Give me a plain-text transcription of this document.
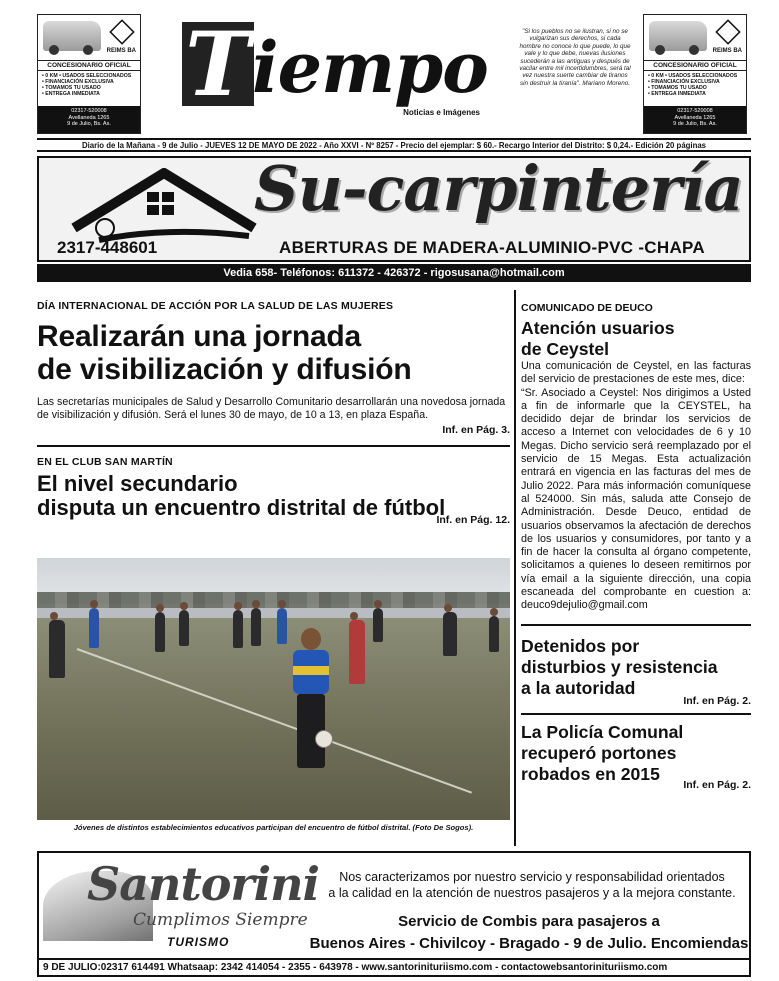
REIMS BA
CONCESIONARIO OFICIAL
• 0 KM • USADOS SELECCIONADOS
• FINANCIACIÓN EXCLUSIVA
• TOMAMOS TU USADO
• ENTREGA INMEDIATA
02317-520008
Avellaneda 1265
9 de Julio, Bs. As.
T iempo
Noticias e Imágenes
"Si los pueblos no se ilustran, si no se vulgarizan sus derechos, si cada hombre no conoce lo que puede, lo que vale y lo que debe, nuevas ilusiones sucederán a las antiguas y después de vacilar entre mil incertidumbres, será tal vez nuestra suerte cambiar de tiranos sin destruir la tiranía". Mariano Moreno.
REIMS BA
CONCESIONARIO OFICIAL
• 0 KM • USADOS SELECCIONADOS
• FINANCIACIÓN EXCLUSIVA
• TOMAMOS TU USADO
• ENTREGA INMEDIATA
02317-520008
Avellaneda 1265
9 de Julio, Bs. As.
Diario de la Mañana - 9 de Julio - JUEVES 12 DE MAYO DE 2022 - Año XXVI - Nº 8257 - Precio del ejemplar: $ 60.- Recargo Interior del Distrito: $ 0,24.- Edición 20 páginas
Su-carpintería
2317-448601	ABERTURAS DE MADERA-ALUMINIO-PVC -CHAPA
Vedia 658- Teléfonos: 611372 - 426372 - rigosusana@hotmail.com
DÍA INTERNACIONAL DE ACCIÓN POR LA SALUD DE LAS MUJERES
Realizarán una jornada
de visibilización y difusión
Las secretarías municipales de Salud y Desarrollo Comunitario desarrollarán una novedosa jornada de visibilización y difusión. Será el lunes 30 de mayo, de 10 a 13, en plaza España.
Inf. en Pág. 3.
EN EL CLUB SAN MARTÍN
El nivel secundario
disputa un encuentro distrital de fútbol
Inf. en Pág. 12.
Jóvenes de distintos establecimientos educativos participan del encuentro de fútbol distrital. (Foto De Sogos).
COMUNICADO DE DEUCO
Atención usuarios
de Ceystel
Una comunicación de Ceystel, en las facturas del servicio de prestaciones de este mes, dice:
“Sr. Asociado a Ceystel: Nos dirigimos a Usted a fin de informarle que la CEYSTEL, ha decidido dejar de brindar los servicios de acceso a Internet con velocidades de 6 y 10 Megas. Dicho servicio será reemplazado por el servicio de 15 Megas. Esta actualización entrará en vigencia en las facturas del mes de Julio 2022. Para más información comuníquese al 524000. Sin más, saluda atte Consejo de Administración. Desde Deuco, entidad de usuarios observamos la afectación de derechos de los usuarios y consumidores, por tanto y a fin de hacer la consulta al órgano competente, solicitamos a quienes lo deseen remitirnos por vía email a la siguiente dirección, una copia escaneada del comprobante en cuestion a: deuco9dejulio@gmail.com
Detenidos por
disturbios y resistencia
a la autoridad
Inf. en Pág. 2.
La Policía Comunal
recuperó portones
robados en 2015
Inf. en Pág. 2.
Santorini
Cumplimos Siempre
TURISMO
Nos caracterizamos por nuestro servicio y responsabilidad orientados
a la calidad en la atención de nuestros pasajeros y a la mejora constante.
Servicio de Combis para pasajeros a
Buenos Aires - Chivilcoy - Bragado - 9 de Julio. Encomiendas
9 DE JULIO:02317 614491 Whatsaap: 2342 414054 - 2355 - 643978 - www.santorinituriismo.com - contactowebsantorinituriismo.com
